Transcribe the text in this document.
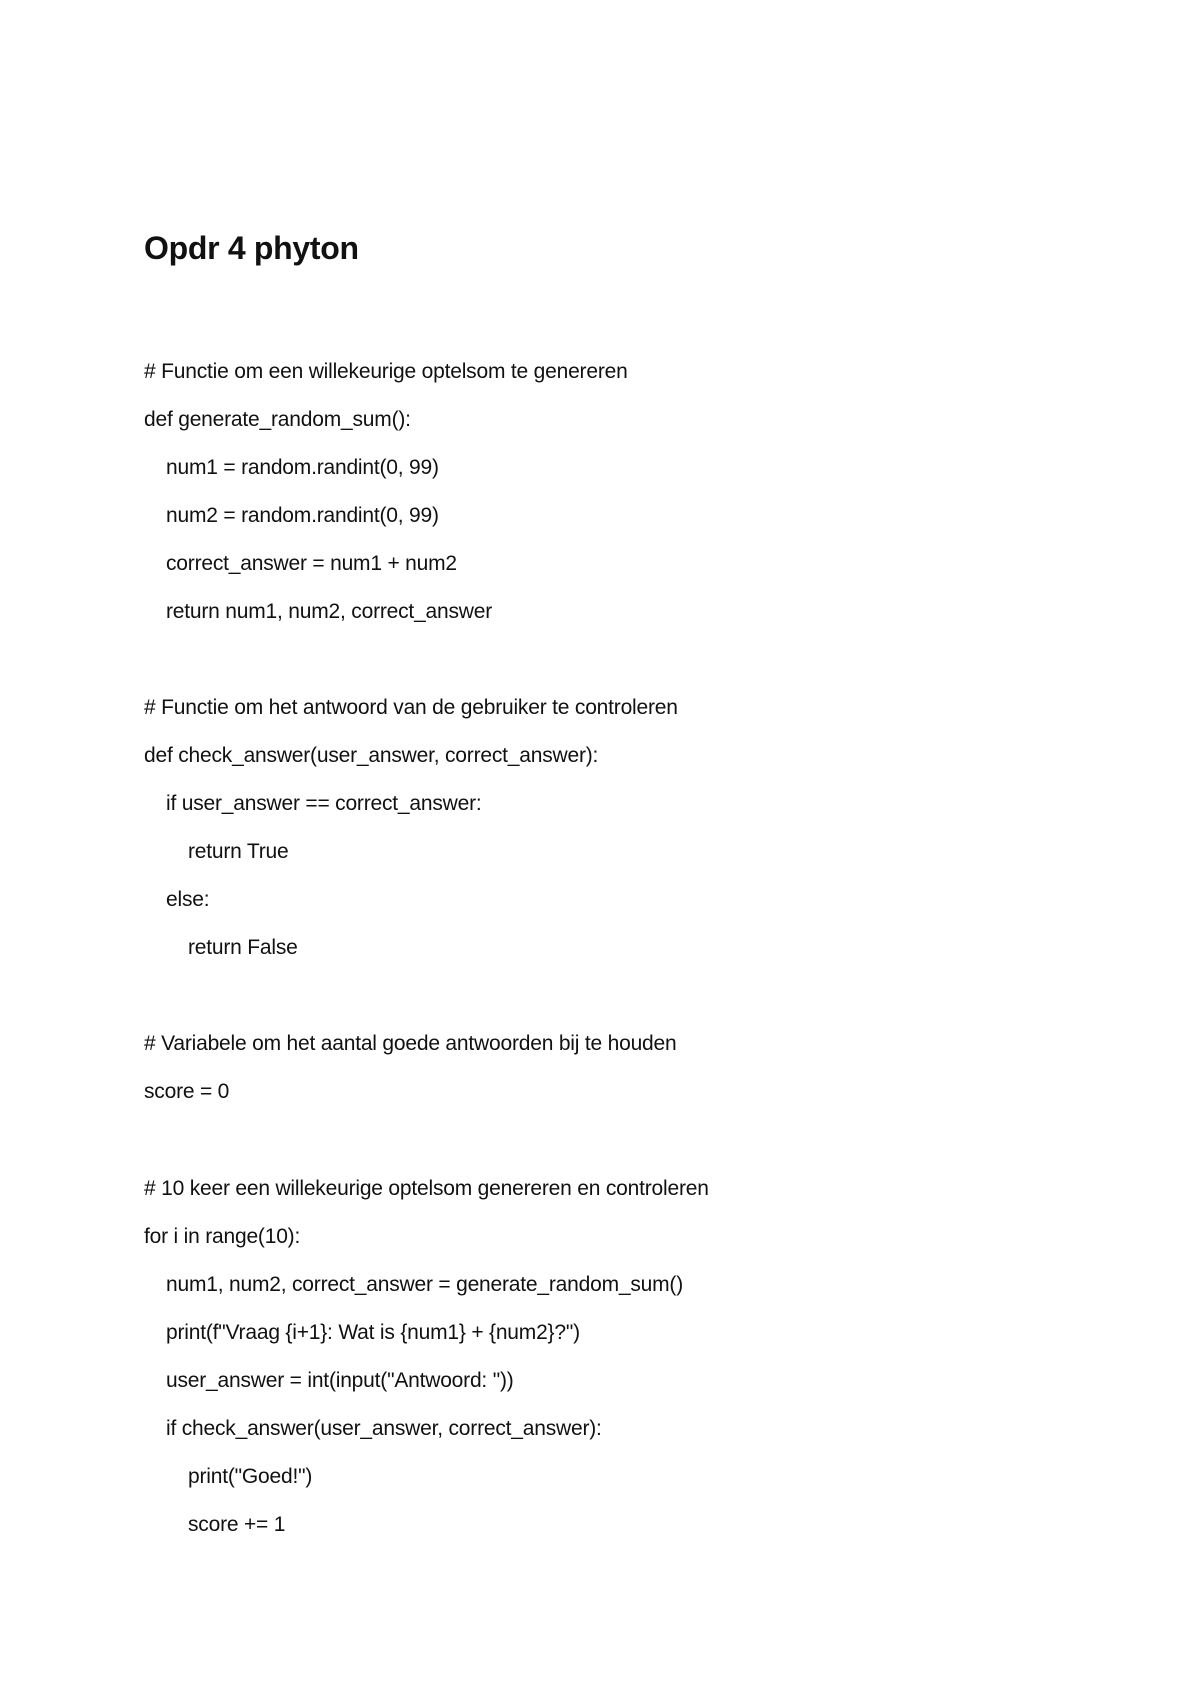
Opdr 4 phyton
# Functie om een willekeurige optelsom te genereren
def generate_random_sum():
num1 = random.randint(0, 99)
num2 = random.randint(0, 99)
correct_answer = num1 + num2
return num1, num2, correct_answer
# Functie om het antwoord van de gebruiker te controleren
def check_answer(user_answer, correct_answer):
if user_answer == correct_answer:
return True
else:
return False
# Variabele om het aantal goede antwoorden bij te houden
score = 0
# 10 keer een willekeurige optelsom genereren en controleren
for i in range(10):
num1, num2, correct_answer = generate_random_sum()
print(f"Vraag {i+1}: Wat is {num1} + {num2}?")
user_answer = int(input("Antwoord: "))
if check_answer(user_answer, correct_answer):
print("Goed!")
score += 1
